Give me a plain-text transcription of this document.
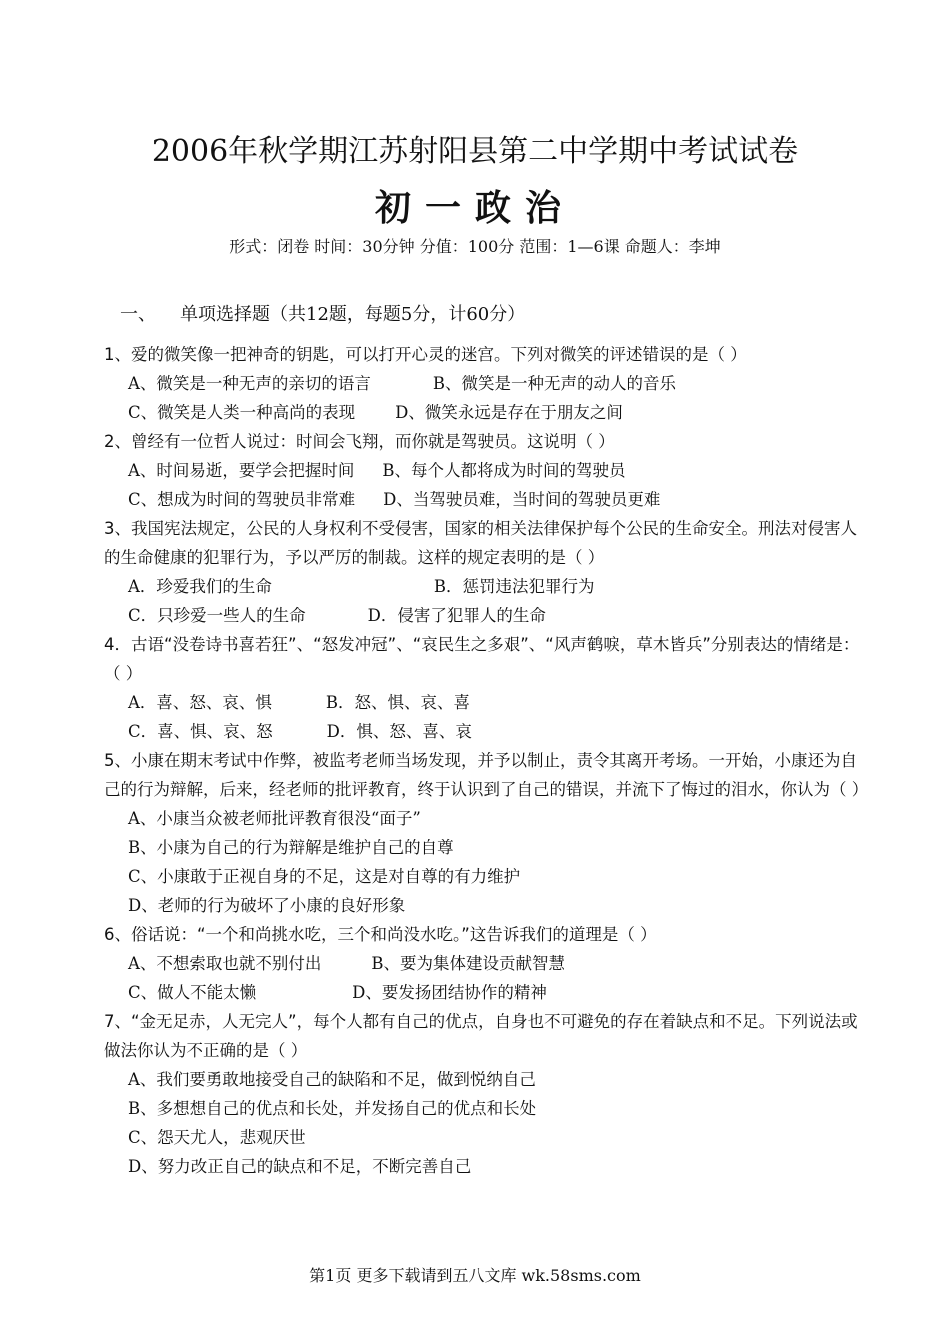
2006年秋学期江苏射阳县第二中学期中考试试卷
初一政治
形式：闭卷 时间：30分钟 分值：100分 范围：1—6课 命题人：李坤
一、 单项选择题（共12题，每题5分，计60分）

1、爱的微笑像一把神奇的钥匙，可以打开心灵的迷宫。下列对微笑的评述错误的是（ ）

A、微笑是一种无声的亲切的语言	B、微笑是一种无声的动人的音乐

C、微笑是人类一种高尚的表现 D、微笑永远是存在于朋友之间

2、曾经有一位哲人说过：时间会飞翔，而你就是驾驶员。这说明（ ）

A、时间易逝，要学会把握时间 B、每个人都将成为时间的驾驶员

C、想成为时间的驾驶员非常难 D、当驾驶员难，当时间的驾驶员更难

3、我国宪法规定，公民的人身权利不受侵害，国家的相关法律保护每个公民的生命安全。刑法对侵害人的生命健康的犯罪行为，予以严厉的制裁。这样的规定表明的是（ ）

A．珍爱我们的生命	B．惩罚违法犯罪行为

C．只珍爱一些人的生命	D．侵害了犯罪人的生命

4．古语“没卷诗书喜若狂”、“怒发冲冠”、“哀民生之多艰”、“风声鹤唳，草木皆兵”分别表达的情绪是：（ ）

A．喜、怒、哀、惧	B．怒、惧、哀、喜

C．喜、惧、哀、怒	D．惧、怒、喜、哀

5、小康在期末考试中作弊，被监考老师当场发现，并予以制止，责令其离开考场。一开始，小康还为自己的行为辩解，后来，经老师的批评教育，终于认识到了自己的错误，并流下了悔过的泪水，你认为（ ）

A、小康当众被老师批评教育很没“面子”

B、小康为自己的行为辩解是维护自己的自尊

C、小康敢于正视自身的不足，这是对自尊的有力维护

D、老师的行为破坏了小康的良好形象

6、俗话说：“一个和尚挑水吃，三个和尚没水吃。”这告诉我们的道理是（ ）

A、不想索取也就不别付出	B、要为集体建设贡献智慧

C、做人不能太懒	D、要发扬团结协作的精神

7、“金无足赤，人无完人”，每个人都有自己的优点，自身也不可避免的存在着缺点和不足。下列说法或做法你认为不正确的是（ ）

A、我们要勇敢地接受自己的缺陷和不足，做到悦纳自己

B、多想想自己的优点和长处，并发扬自己的优点和长处

C、怨天尤人，悲观厌世

D、努力改正自己的缺点和不足，不断完善自己

第1页 更多下载请到五八文库 wk.58sms.com
